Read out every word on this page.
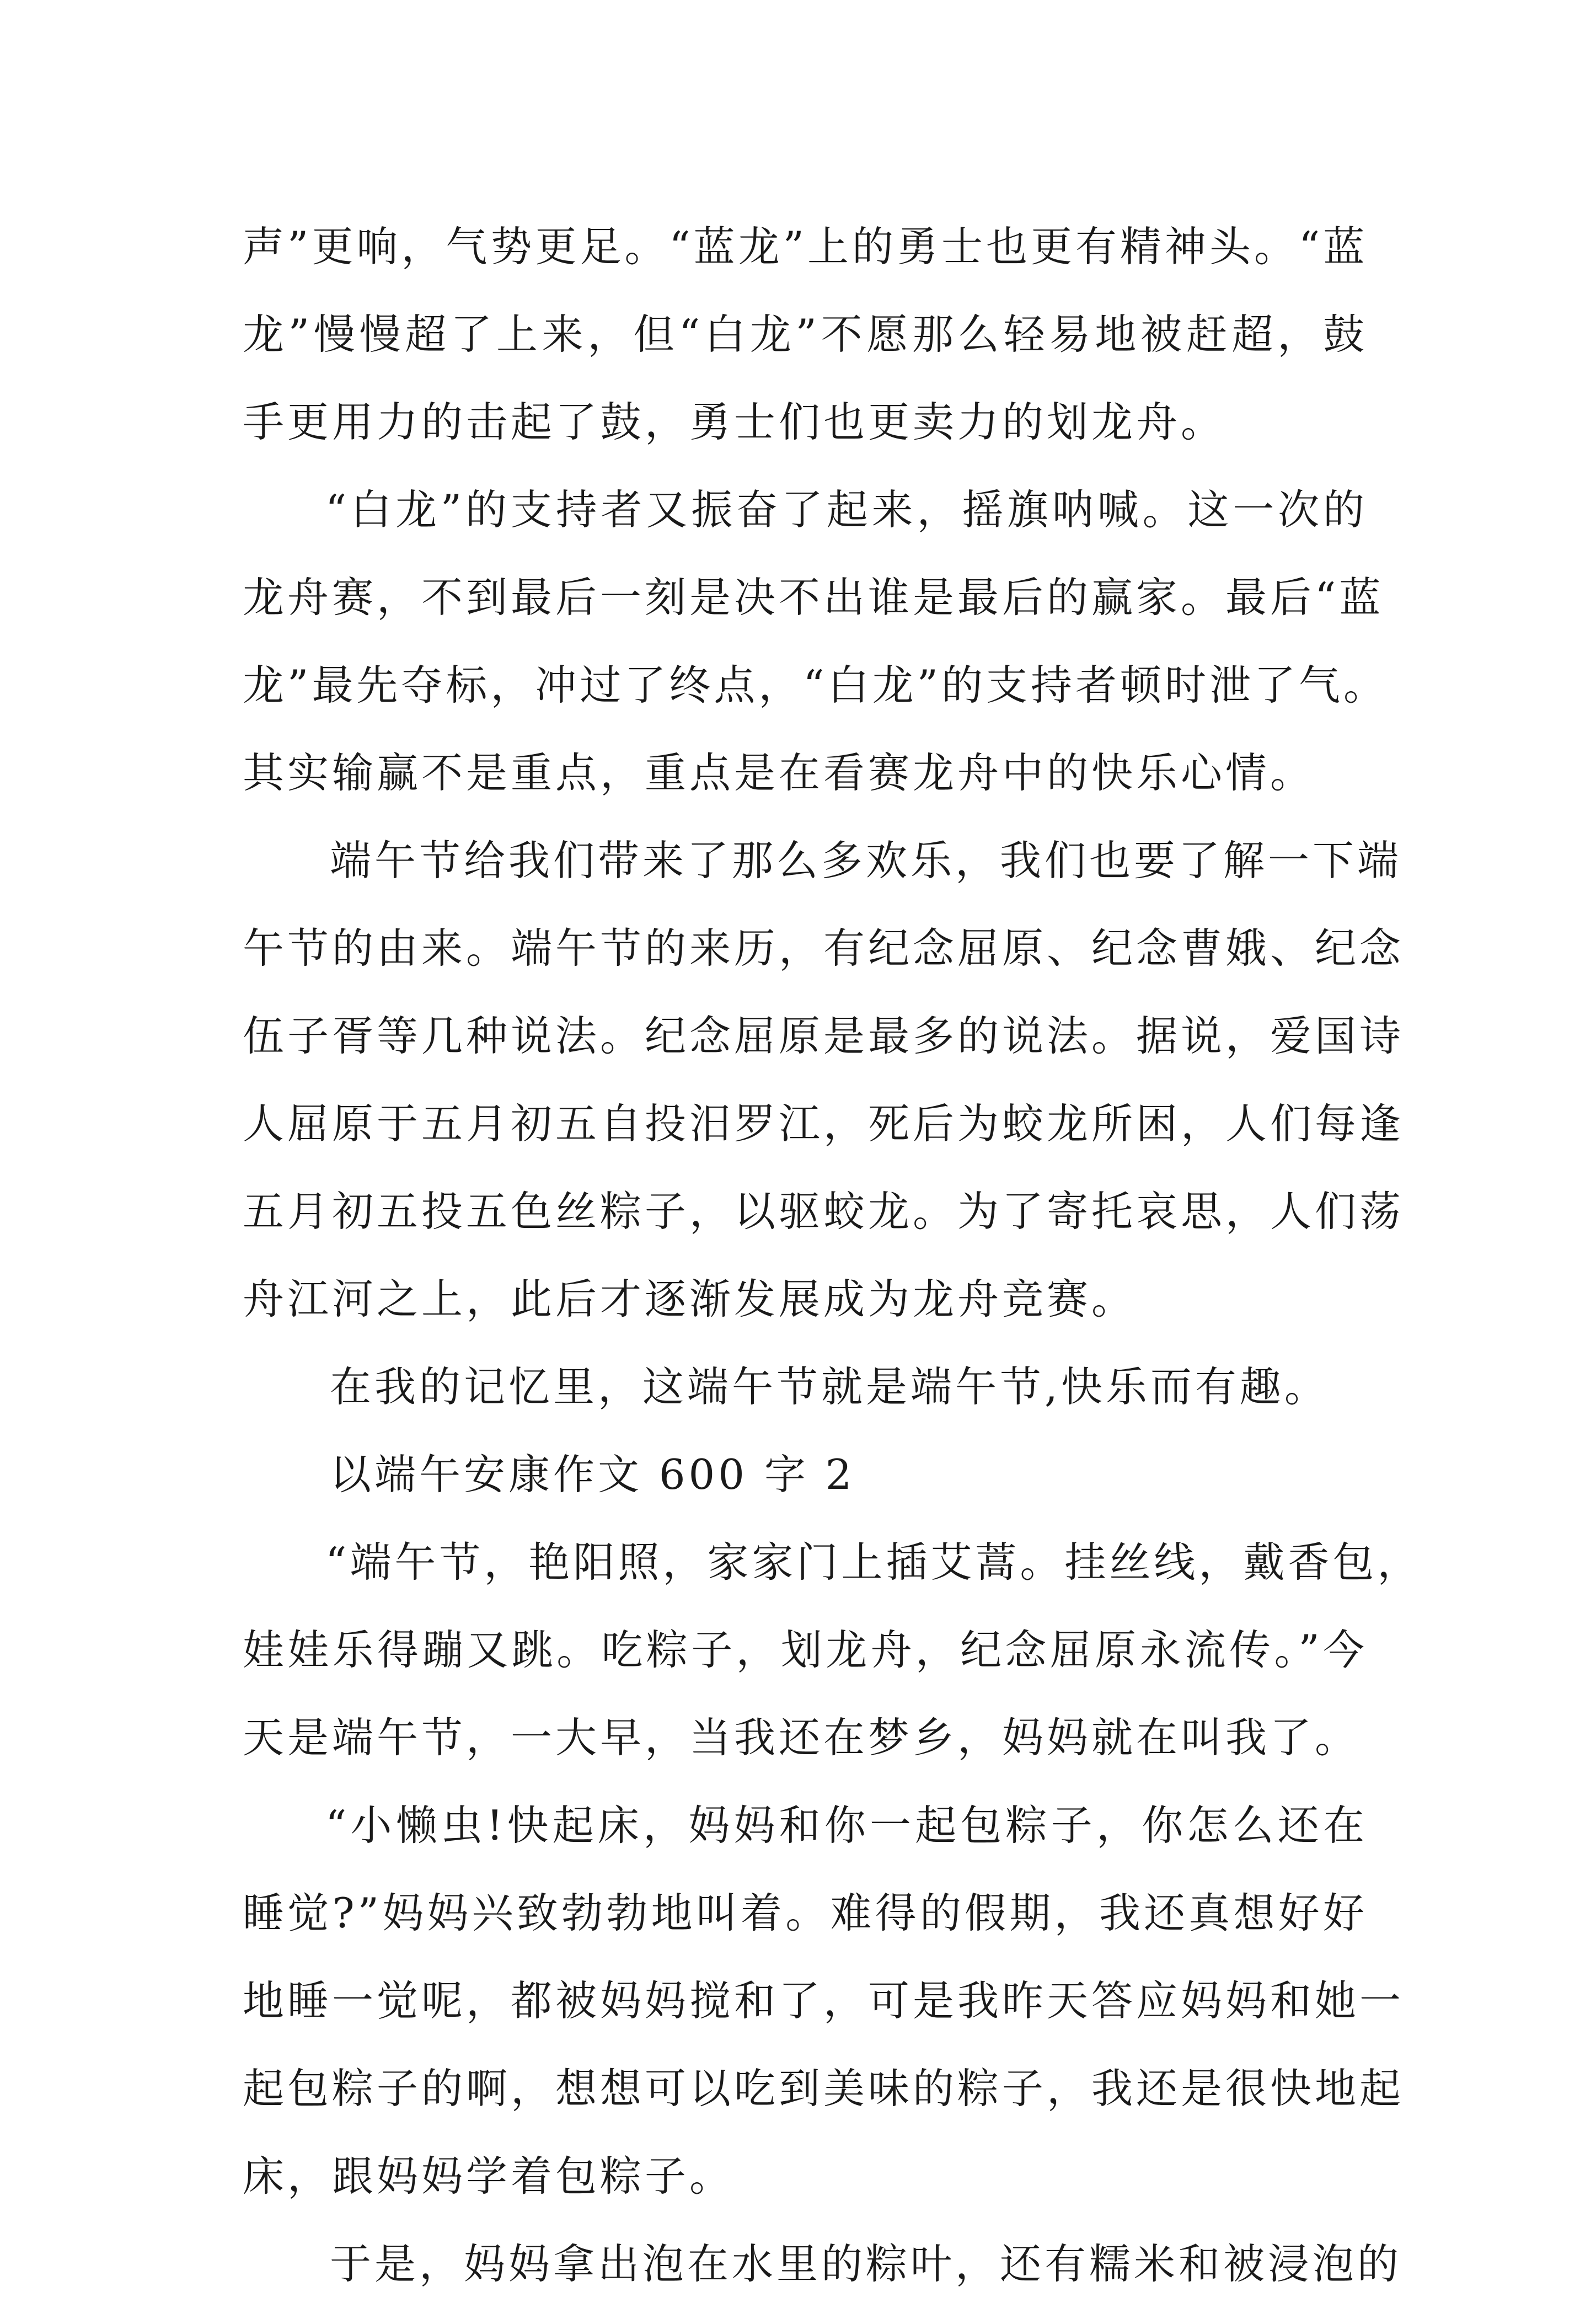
声”更响，气势更足。“蓝龙”上的勇士也更有精神头。“蓝
龙”慢慢超了上来，但“白龙”不愿那么轻易地被赶超，鼓
手更用力的击起了鼓，勇士们也更卖力的划龙舟。
“白龙”的支持者又振奋了起来，摇旗呐喊。这一次的
龙舟赛，不到最后一刻是决不出谁是最后的赢家。最后“蓝
龙”最先夺标，冲过了终点，“白龙”的支持者顿时泄了气。
其实输赢不是重点，重点是在看赛龙舟中的快乐心情。
端午节给我们带来了那么多欢乐，我们也要了解一下端
午节的由来。端午节的来历，有纪念屈原、纪念曹娥、纪念
伍子胥等几种说法。纪念屈原是最多的说法。据说，爱国诗
人屈原于五月初五自投汨罗江，死后为蛟龙所困，人们每逢
五月初五投五色丝粽子，以驱蛟龙。为了寄托哀思，人们荡
舟江河之上，此后才逐渐发展成为龙舟竞赛。
在我的记忆里，这端午节就是端午节,快乐而有趣。
以端午安康作文 600 字 2
“端午节，艳阳照，家家门上插艾蒿。挂丝线，戴香包，
娃娃乐得蹦又跳。吃粽子，划龙舟，纪念屈原永流传。”今
天是端午节，一大早，当我还在梦乡，妈妈就在叫我了。
“小懒虫!快起床，妈妈和你一起包粽子，你怎么还在
睡觉?”妈妈兴致勃勃地叫着。难得的假期，我还真想好好
地睡一觉呢，都被妈妈搅和了，可是我昨天答应妈妈和她一
起包粽子的啊，想想可以吃到美味的粽子，我还是很快地起
床，跟妈妈学着包粽子。
于是，妈妈拿出泡在水里的粽叶，还有糯米和被浸泡的
